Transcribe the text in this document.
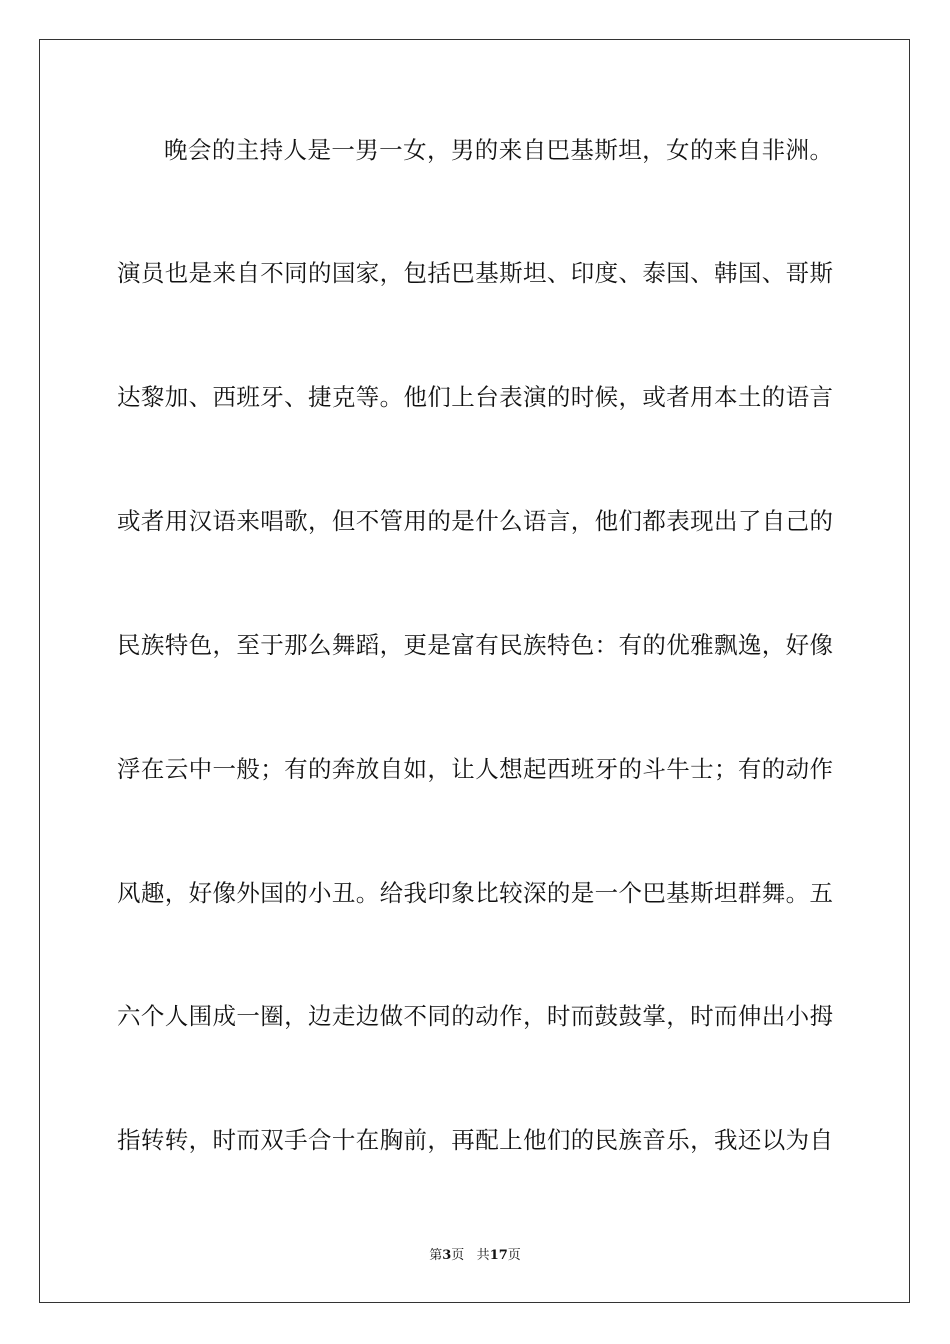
晚会的主持人是一男一女，男的来自巴基斯坦，女的来自非洲。
演员也是来自不同的国家，包括巴基斯坦、印度、泰国、韩国、哥斯
达黎加、西班牙、捷克等。他们上台表演的时候，或者用本土的语言
或者用汉语来唱歌，但不管用的是什么语言，他们都表现出了自己的
民族特色，至于那么舞蹈，更是富有民族特色：有的优雅飘逸，好像
浮在云中一般；有的奔放自如，让人想起西班牙的斗牛士；有的动作
风趣，好像外国的小丑。给我印象比较深的是一个巴基斯坦群舞。五
六个人围成一圈，边走边做不同的动作，时而鼓鼓掌，时而伸出小拇
指转转，时而双手合十在胸前，再配上他们的民族音乐，我还以为自
第3页 共17页
